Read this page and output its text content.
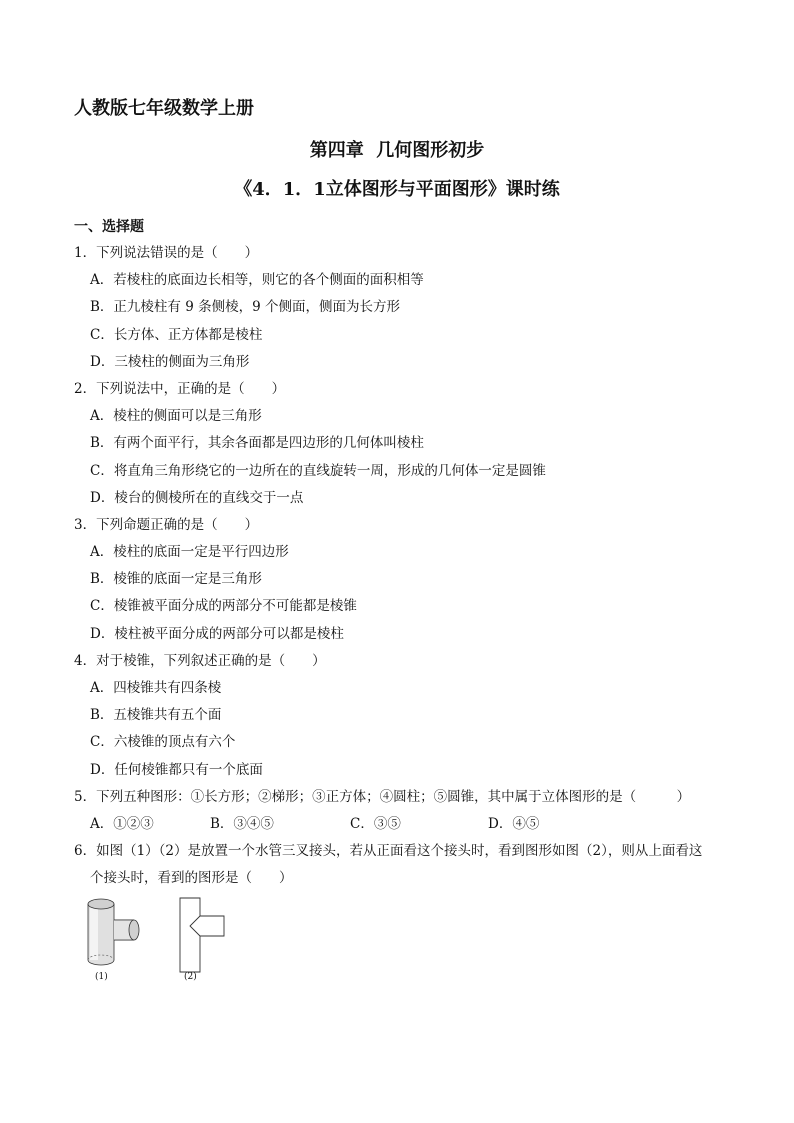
人教版七年级数学上册
第四章  几何图形初步
《4．1．1立体图形与平面图形》课时练
一、选择题
1．下列说法错误的是（　　）
A．若棱柱的底面边长相等，则它的各个侧面的面积相等
B．正九棱柱有 9 条侧棱，9 个侧面，侧面为长方形
C．长方体、正方体都是棱柱
D．三棱柱的侧面为三角形
2．下列说法中，正确的是（　　）
A．棱柱的侧面可以是三角形
B．有两个面平行，其余各面都是四边形的几何体叫棱柱
C．将直角三角形绕它的一边所在的直线旋转一周，形成的几何体一定是圆锥
D．棱台的侧棱所在的直线交于一点
3．下列命题正确的是（　　）
A．棱柱的底面一定是平行四边形
B．棱锥的底面一定是三角形
C．棱锥被平面分成的两部分不可能都是棱锥
D．棱柱被平面分成的两部分可以都是棱柱
4．对于棱锥，下列叙述正确的是（　　）
A．四棱锥共有四条棱
B．五棱锥共有五个面
C．六棱锥的顶点有六个
D．任何棱锥都只有一个底面
5．下列五种图形：①长方形；②梯形；③正方体；④圆柱；⑤圆锥，其中属于立体图形的是（　　　）
A．①②③	B．③④⑤	C．③⑤	D．④⑤
6．如图（1）（2）是放置一个水管三叉接头，若从正面看这个接头时，看到图形如图（2），则从上面看这
个接头时，看到的图形是（　　）
(1)	(2)
